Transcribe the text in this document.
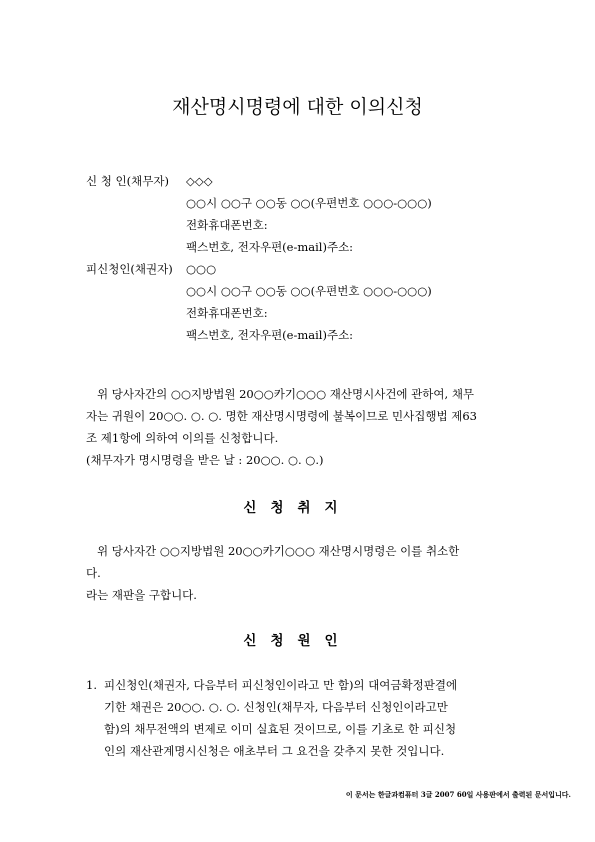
재산명시명령에 대한 이의신청
신 청 인(채무자) ◇◇◇
○○시 ○○구 ○○동 ○○(우편번호 ○○○-○○○)
전화휴대폰번호:
팩스번호, 전자우편(e-mail)주소:
피신청인(채권자) ○○○
○○시 ○○구 ○○동 ○○(우편번호 ○○○-○○○)
전화휴대폰번호:
팩스번호, 전자우편(e-mail)주소:
위 당사자간의 ○○지방법원 20○○카기○○○ 재산명시사건에 관하여, 채무
자는 귀원이 20○○. ○. ○. 명한 재산명시명령에 불복이므로 민사집행법 제63
조 제1항에 의하여 이의를 신청합니다.
(채무자가 명시명령을 받은 날 : 20○○. ○. ○.)
신청취지
위 당사자간 ○○지방법원 20○○카기○○○ 재산명시명령은 이를 취소한
다.
라는 재판을 구합니다.
신청원인
1. 피신청인(채권자, 다음부터 피신청인이라고 만 함)의 대여금확정판결에
기한 채권은 20○○. ○. ○. 신청인(채무자, 다음부터 신청인이라고만
함)의 채무전액의 변제로 이미 실효된 것이므로, 이를 기초로 한 피신청
인의 재산관계명시신청은 애초부터 그 요건을 갖추지 못한 것입니다.
이 문서는 한글과컴퓨터 3글 2007 60일 사용판에서 출력된 문서입니다.
